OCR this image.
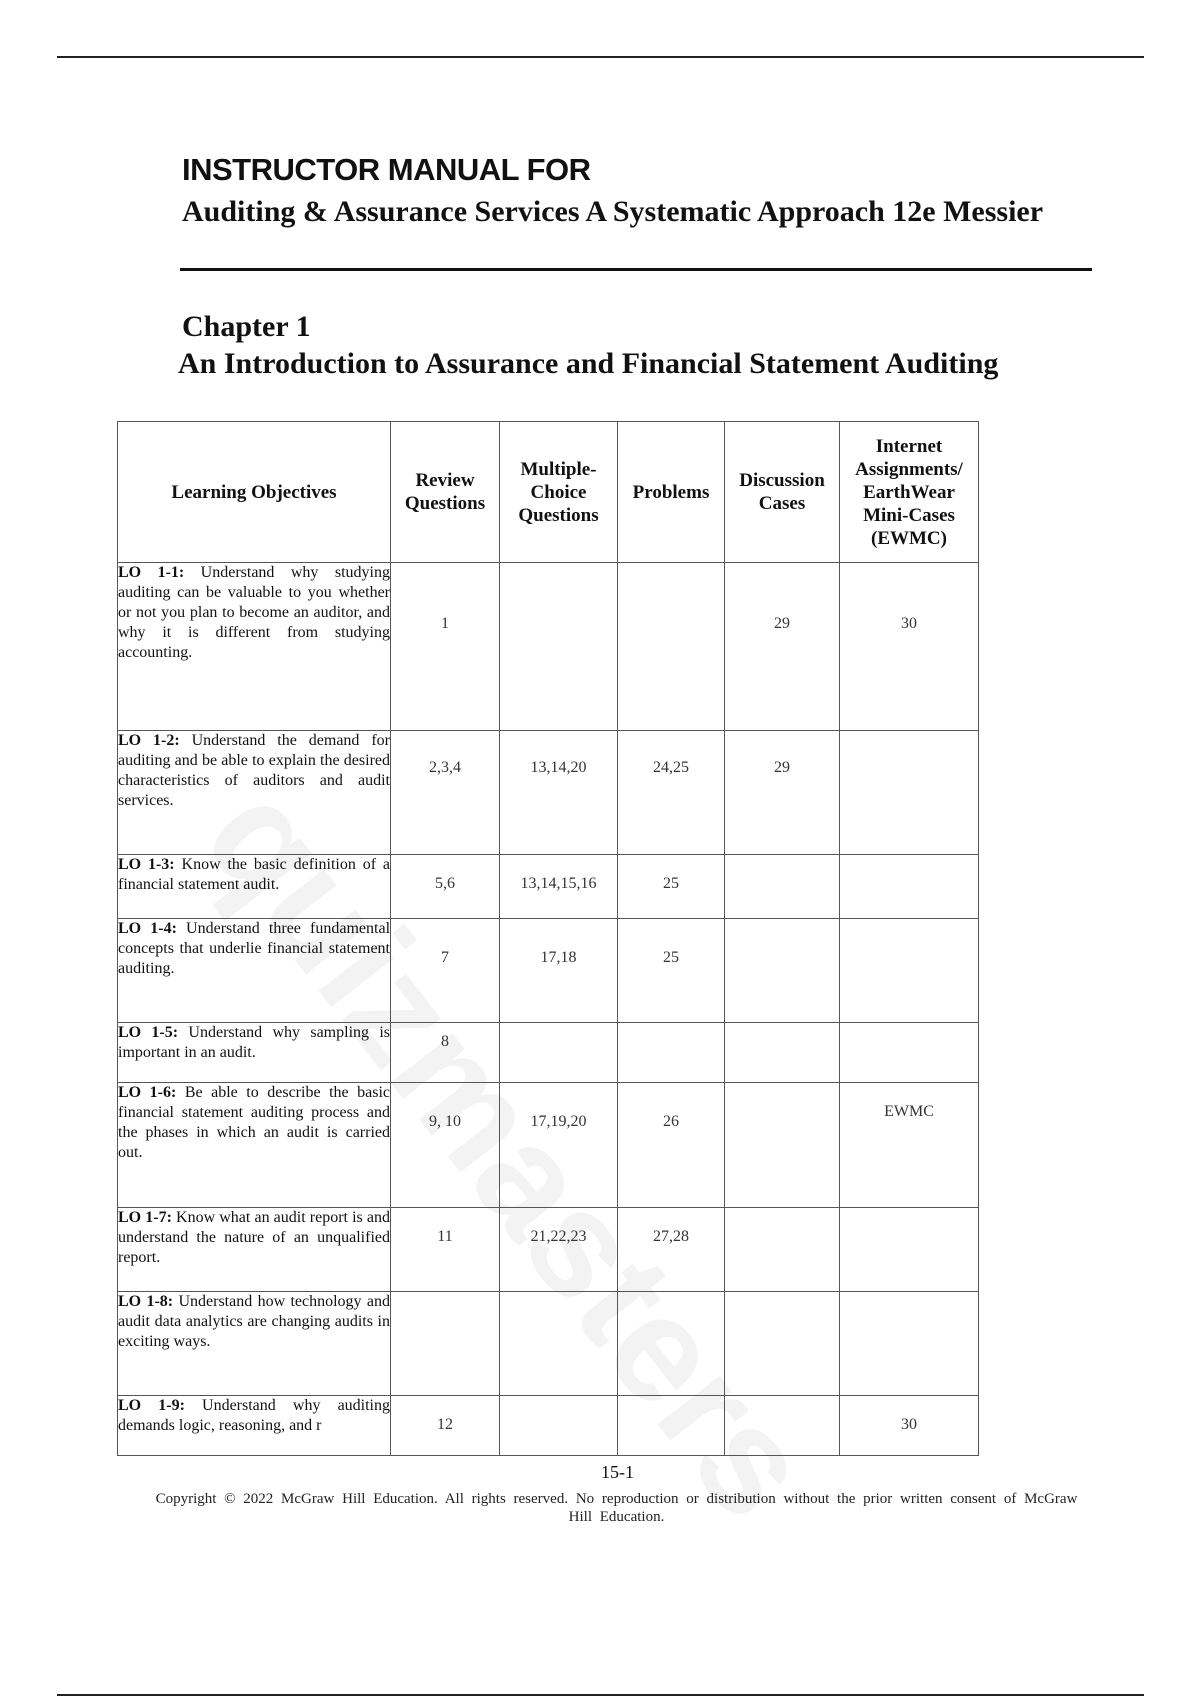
INSTRUCTOR MANUAL FOR
Auditing & Assurance Services A Systematic Approach 12e Messier
Chapter 1
An Introduction to Assurance and Financial Statement Auditing
Learning Objectives	Review Questions	Multiple-Choice Questions	Problems	Discussion Cases	Internet Assignments/ EarthWear Mini-Cases (EWMC)
LO 1-1: Understand why studying auditing can be valuable to you whether or not you plan to become an auditor, and why it is different from studying accounting.	1			29	30
LO 1-2: Understand the demand for auditing and be able to explain the desired characteristics of auditors and audit services.	2,3,4	13,14,20	24,25	29	
LO 1-3: Know the basic definition of a financial statement audit.	5,6	13,14,15,16	25		
LO 1-4: Understand three fundamental concepts that underlie financial statement auditing.	7	17,18	25		
LO 1-5: Understand why sampling is important in an audit.	8				
LO 1-6: Be able to describe the basic financial statement auditing process and the phases in which an audit is carried out.	9, 10	17,19,20	26		EWMC
LO 1-7: Know what an audit report is and understand the nature of an unqualified report.	11	21,22,23	27,28		
LO 1-8: Understand how technology and audit data analytics are changing audits in exciting ways.					

LO 1-9: Understand why auditing demands logic, reasoning, and r	12				30
15-1
Copyright © 2022 McGraw Hill Education. All rights reserved. No reproduction or distribution without the prior written consent of McGraw Hill Education.
